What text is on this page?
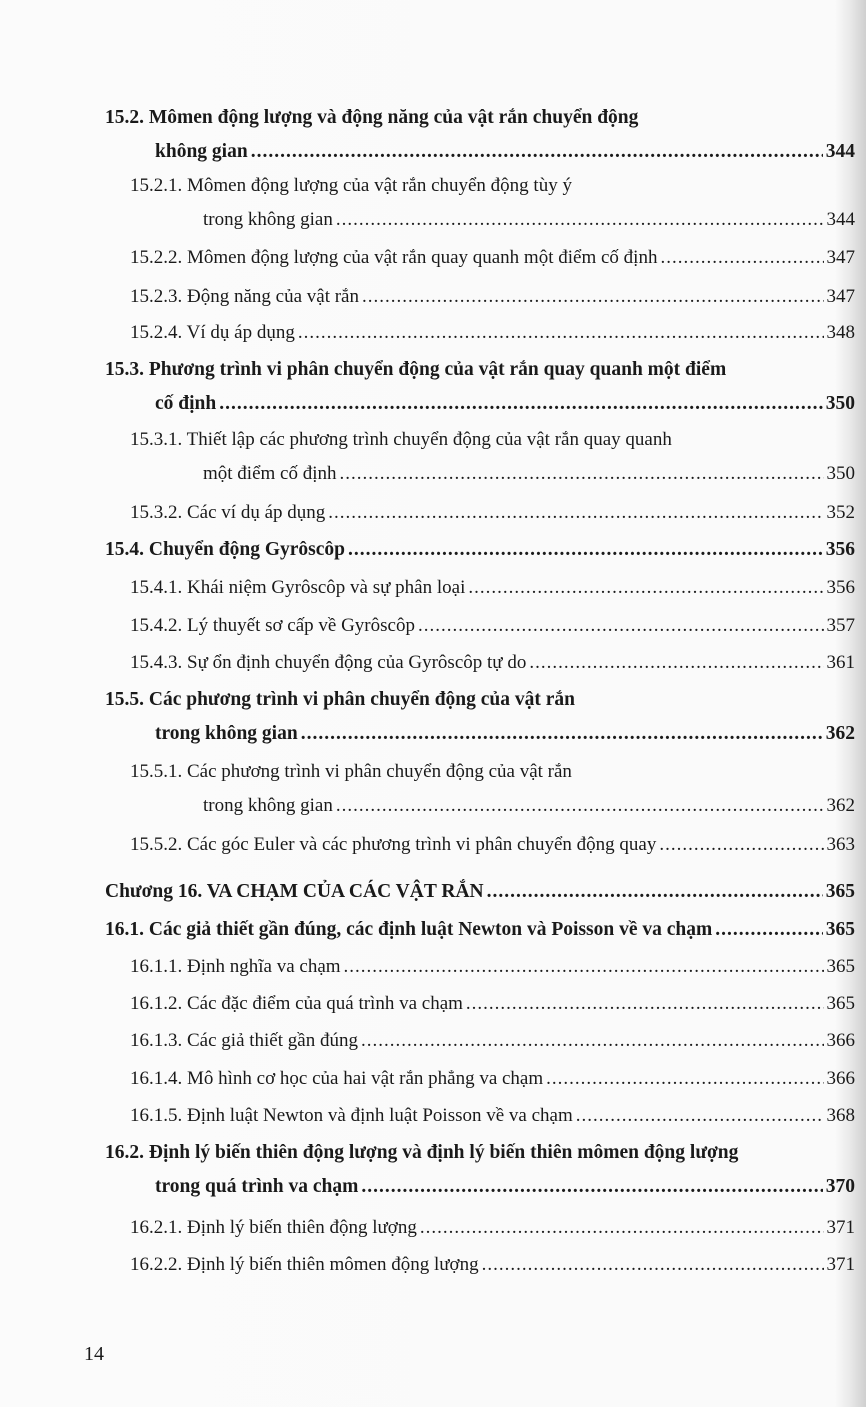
15.2. Mômen động lượng và động năng của vật rắn chuyển động
không gian .....	344
15.2.1. Mômen động lượng của vật rắn chuyển động tùy ý
trong không gian .....	344
15.2.2. Mômen động lượng của vật rắn quay quanh một điểm cố định .....	347
15.2.3. Động năng của vật rắn .....	347
15.2.4. Ví dụ áp dụng .....	348
15.3. Phương trình vi phân chuyển động của vật rắn quay quanh một điểm
cố định .....	350
15.3.1. Thiết lập các phương trình chuyển động của vật rắn quay quanh
một điểm cố định .....	350
15.3.2. Các ví dụ áp dụng .....	352
15.4. Chuyển động Gyrôscôp .....	356
15.4.1. Khái niệm Gyrôscôp và sự phân loại .....	356
15.4.2. Lý thuyết sơ cấp về Gyrôscôp .....	357
15.4.3. Sự ổn định chuyển động của Gyrôscôp tự do .....	361
15.5. Các phương trình vi phân chuyển động của vật rắn
trong không gian .....	362
15.5.1. Các phương trình vi phân chuyển động của vật rắn
trong không gian .....	362
15.5.2. Các góc Euler và các phương trình vi phân chuyển động quay .....	363
Chương 16. VA CHẠM CỦA CÁC VẬT RẮN .....	365
16.1. Các giả thiết gần đúng, các định luật Newton và Poisson về va chạm .....	365
16.1.1. Định nghĩa va chạm .....	365
16.1.2. Các đặc điểm của quá trình va chạm .....	365
16.1.3. Các giả thiết gần đúng .....	366
16.1.4. Mô hình cơ học của hai vật rắn phẳng va chạm .....	366
16.1.5. Định luật Newton và định luật Poisson về va chạm .....	368
16.2. Định lý biến thiên động lượng và định lý biến thiên mômen động lượng
trong quá trình va chạm .....	370
16.2.1. Định lý biến thiên động lượng .....	371
16.2.2. Định lý biến thiên mômen động lượng .....	371
14
